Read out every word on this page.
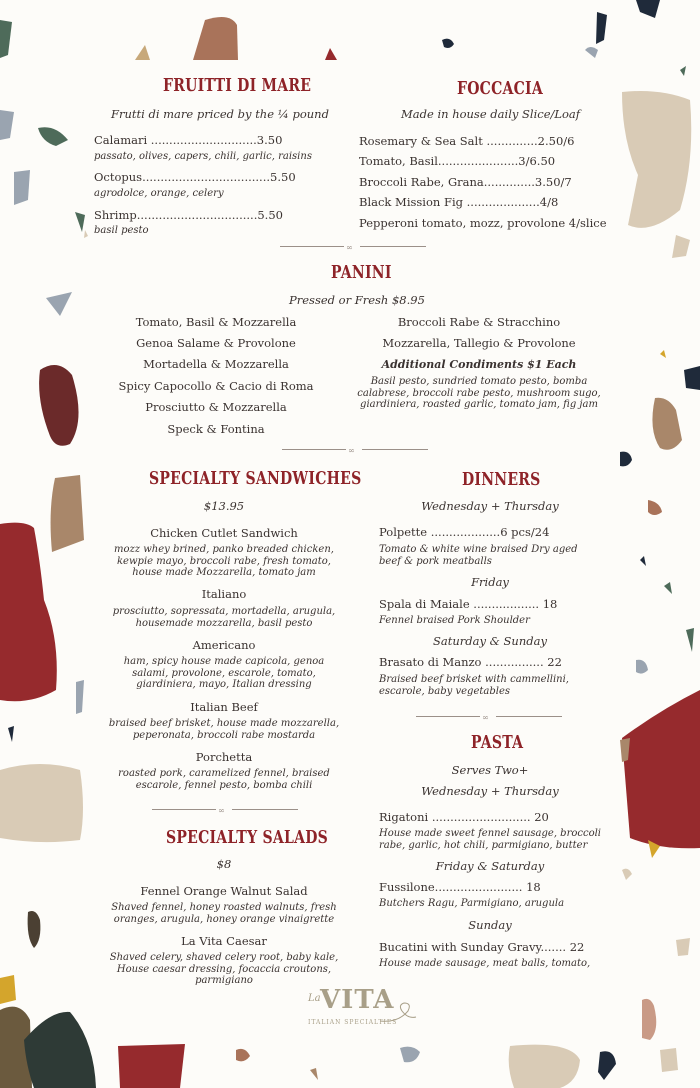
FRUITTI DI MARE
Frutti di mare priced by the ¼ pound
Calamari .............................3.50
passato, olives, capers, chili, garlic, raisins
Octopus...................................5.50
agrodolce, orange, celery
Shrimp.................................5.50
basil pesto
FOCCACIA
Made in house daily Slice/Loaf
Rosemary & Sea Salt ..............2.50/6
Tomato, Basil......................3/6.50
Broccoli Rabe, Grana..............3.50/7
Black Mission Fig ....................4/8
Pepperoni tomato, mozz, provolone 4/slice
∞
PANINI
Pressed or Fresh $8.95
Tomato, Basil & Mozzarella
Genoa Salame & Provolone
Mortadella & Mozzarella
Spicy Capocollo & Cacio di Roma
Prosciutto & Mozzarella
Speck & Fontina
Broccoli Rabe & Stracchino
Mozzarella, Tallegio & Provolone
Additional Condiments $1 Each
Basil pesto, sundried tomato pesto, bomba calabrese, broccoli rabe pesto, mushroom sugo, giardiniera, roasted garlic, tomato jam, fig jam
∞
SPECIALTY SANDWICHES
$13.95
Chicken Cutlet Sandwich
mozz whey brined, panko breaded chicken, kewpie mayo, broccoli rabe, fresh tomato, house made Mozzarella, tomato jam
Italiano
prosciutto, sopressata, mortadella, arugula, housemade mozzarella, basil pesto
Americano
ham, spicy house made capicola, genoa salami, provolone, escarole, tomato, giardiniera, mayo, Italian dressing
Italian Beef
braised beef brisket, house made mozzarella, peperonata, broccoli rabe mostarda
Porchetta
roasted pork, caramelized fennel, braised escarole, fennel pesto, bomba chili
∞
SPECIALTY SALADS
$8
Fennel Orange Walnut Salad
Shaved fennel, honey roasted walnuts, fresh oranges, arugula, honey orange vinaigrette
La Vita Caesar
Shaved celery, shaved celery root, baby kale, House caesar dressing, focaccia croutons, parmigiano
DINNERS
Wednesday + Thursday
Polpette ...................6 pcs/24
Tomato & white wine braised Dry aged beef & pork meatballs
Friday
Spala di Maiale .................. 18
Fennel braised Pork Shoulder
Saturday & Sunday
Brasato di Manzo ................ 22
Braised beef brisket with cammellini, escarole, baby vegetables
∞
PASTA
Serves Two+
Wednesday + Thursday
Rigatoni ........................... 20
House made sweet fennel sausage, broccoli rabe, garlic, hot chili, parmigiano, butter
Friday & Saturday
Fussilone........................ 18
Butchers Ragu, Parmigiano, arugula
Sunday
Bucatini with Sunday Gravy....... 22
House made sausage, meat balls, tomato,
La VITA
ITALIAN SPECIALTIES
